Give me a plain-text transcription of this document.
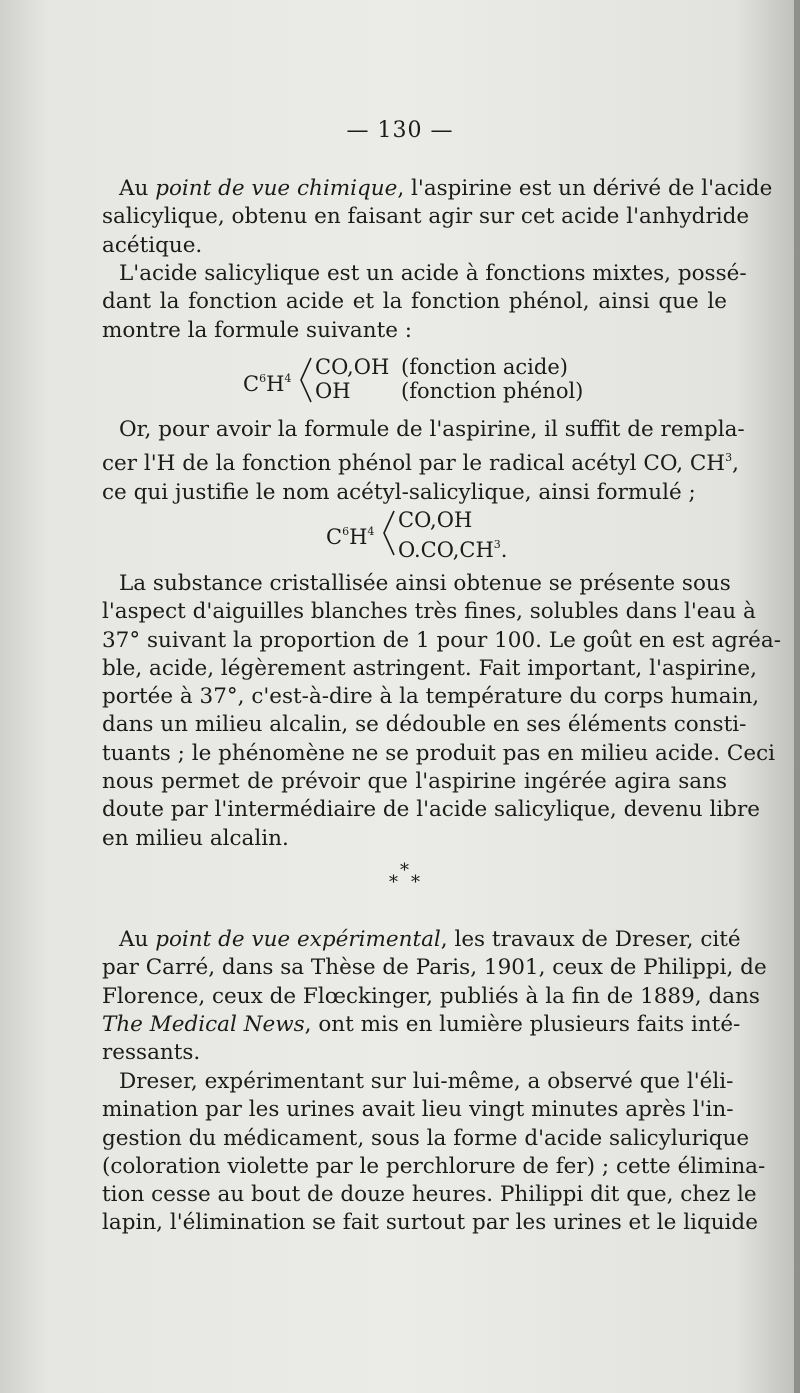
— 130 —

Au point de vue chimique, l'aspirine est un dérivé de l'acide
salicylique, obtenu en faisant agir sur cet acide l'anhydride
acétique.

L'acide salicylique est un acide à fonctions mixtes, possé-
dant la fonction acide et la fonction phénol, ainsi que le
montre la formule suivante :

$C^6H^4$ CO,OH (fonction acide)
OH (fonction phénol)

Or, pour avoir la formule de l'aspirine, il suffit de rempla-
cer l'H de la fonction phénol par le radical acétyl CO, $CH^3$,
ce qui justifie le nom acétyl-salicylique, ainsi formulé ;

$C^6H^4$ CO,OH
$O.CO,CH^3$.

La substance cristallisée ainsi obtenue se présente sous
l'aspect d'aiguilles blanches très fines, solubles dans l'eau à
37° suivant la proportion de 1 pour 100. Le goût en est agréa-
ble, acide, légèrement astringent. Fait important, l'aspirine,
portée à 37°, c'est-à-dire à la température du corps humain,
dans un milieu alcalin, se dédouble en ses éléments consti-
tuants ; le phénomène ne se produit pas en milieu acide. Ceci
nous permet de prévoir que l'aspirine ingérée agira sans
doute par l'intermédiaire de l'acide salicylique, devenu libre
en milieu alcalin.

*
* *

Au point de vue expérimental, les travaux de Dreser, cité
par Carré, dans sa Thèse de Paris, 1901, ceux de Philippi, de
Florence, ceux de Flœckinger, publiés à la fin de 1889, dans
The Medical News, ont mis en lumière plusieurs faits inté-
ressants.

Dreser, expérimentant sur lui-même, a observé que l'éli-
mination par les urines avait lieu vingt minutes après l'in-
gestion du médicament, sous la forme d'acide salicylurique
(coloration violette par le perchlorure de fer) ; cette élimina-
tion cesse au bout de douze heures. Philippi dit que, chez le
lapin, l'élimination se fait surtout par les urines et le liquide
